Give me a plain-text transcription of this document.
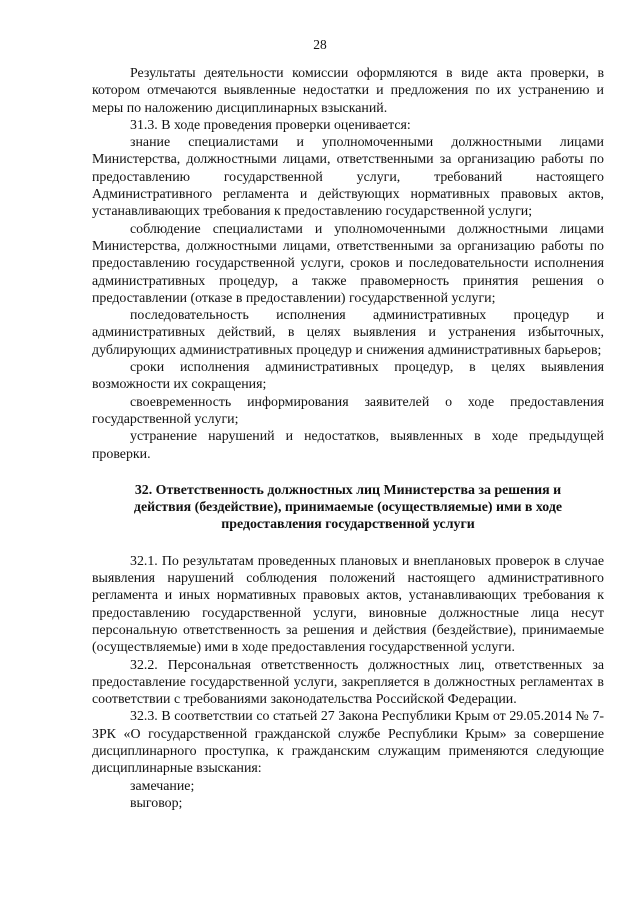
28

Результаты деятельности комиссии оформляются в виде акта проверки, в котором отмечаются выявленные недостатки и предложения по их устранению и меры по наложению дисциплинарных взысканий.

31.3. В ходе проведения проверки оценивается:

знание специалистами и уполномоченными должностными лицами Министерства, должностными лицами, ответственными за организацию работы по предоставлению государственной услуги, требований настоящего Административного регламента и действующих нормативных правовых актов, устанавливающих требования к предоставлению государственной услуги;

соблюдение специалистами и уполномоченными должностными лицами Министерства, должностными лицами, ответственными за организацию работы по предоставлению государственной услуги, сроков и последовательности исполнения административных процедур, а также правомерность принятия решения о предоставлении (отказе в предоставлении) государственной услуги;

последовательность исполнения административных процедур и административных действий, в целях выявления и устранения избыточных, дублирующих административных процедур и снижения административных барьеров;

сроки исполнения административных процедур, в целях выявления возможности их сокращения;

своевременность информирования заявителей о ходе предоставления государственной услуги;

устранение нарушений и недостатков, выявленных в ходе предыдущей проверки.

32. Ответственность должностных лиц Министерства за решения и действия (бездействие), принимаемые (осуществляемые) ими в ходе предоставления государственной услуги

32.1. По результатам проведенных плановых и внеплановых проверок в случае выявления нарушений соблюдения положений настоящего административного регламента и иных нормативных правовых актов, устанавливающих требования к предоставлению государственной услуги, виновные должностные лица несут персональную ответственность за решения и действия (бездействие), принимаемые (осуществляемые) ими в ходе предоставления государственной услуги.

32.2. Персональная ответственность должностных лиц, ответственных за предоставление государственной услуги, закрепляется в должностных регламентах в соответствии с требованиями законодательства Российской Федерации.

32.3. В соответствии со статьей 27 Закона Республики Крым от 29.05.2014 № 7-ЗРК «О государственной гражданской службе Республики Крым» за совершение дисциплинарного проступка, к гражданским служащим применяются следующие дисциплинарные взыскания:

замечание;

выговор;
